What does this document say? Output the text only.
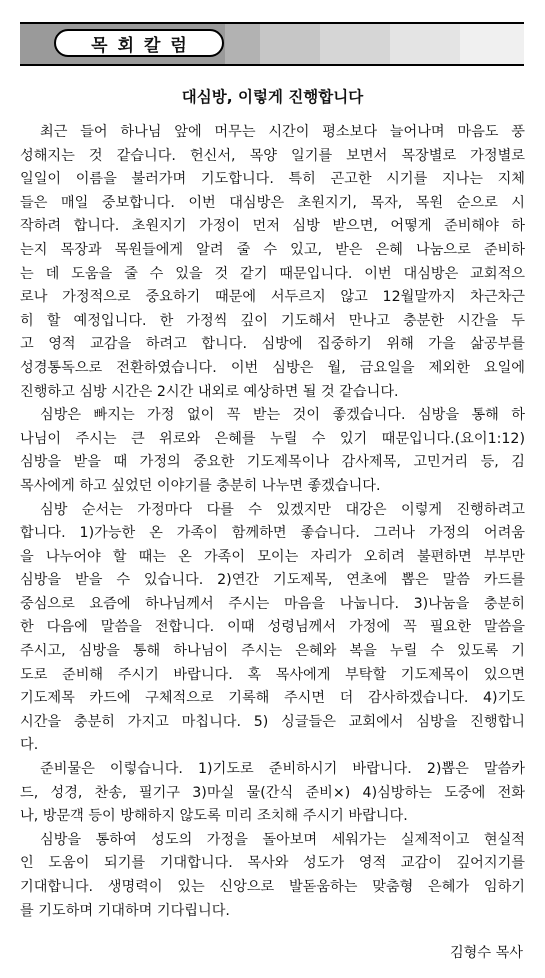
목회칼럼
대심방, 이렇게 진행합니다
최근 들어 하나님 앞에 머무는 시간이 평소보다 늘어나며 마음도 풍
성해지는 것 같습니다. 헌신서, 목양 일기를 보면서 목장별로 가정별로
일일이 이름을 불러가며 기도합니다. 특히 곤고한 시기를 지나는 지체
들은 매일 중보합니다. 이번 대심방은 초원지기, 목자, 목원 순으로 시
작하려 합니다. 초원지기 가정이 먼저 심방 받으면, 어떻게 준비해야 하
는지 목장과 목원들에게 알려 줄 수 있고, 받은 은혜 나눔으로 준비하
는 데 도움을 줄 수 있을 것 같기 때문입니다. 이번 대심방은 교회적으
로나 가정적으로 중요하기 때문에 서두르지 않고 12월말까지 차근차근
히 할 예정입니다. 한 가정씩 깊이 기도해서 만나고 충분한 시간을 두
고 영적 교감을 하려고 합니다. 심방에 집중하기 위해 가을 삶공부를
성경통독으로 전환하였습니다. 이번 심방은 월, 금요일을 제외한 요일에
진행하고 심방 시간은 2시간 내외로 예상하면 될 것 같습니다.
심방은 빠지는 가정 없이 꼭 받는 것이 좋겠습니다. 심방을 통해 하
나님이 주시는 큰 위로와 은혜를 누릴 수 있기 때문입니다.(요이1:12)
심방을 받을 때 가정의 중요한 기도제목이나 감사제목, 고민거리 등, 김
목사에게 하고 싶었던 이야기를 충분히 나누면 좋겠습니다.
심방 순서는 가정마다 다를 수 있겠지만 대강은 이렇게 진행하려고
합니다. 1)가능한 온 가족이 함께하면 좋습니다. 그러나 가정의 어려움
을 나누어야 할 때는 온 가족이 모이는 자리가 오히려 불편하면 부부만
심방을 받을 수 있습니다. 2)연간 기도제목, 연초에 뽑은 말씀 카드를
중심으로 요즘에 하나님께서 주시는 마음을 나눕니다. 3)나눔을 충분히
한 다음에 말씀을 전합니다. 이때 성령님께서 가정에 꼭 필요한 말씀을
주시고, 심방을 통해 하나님이 주시는 은혜와 복을 누릴 수 있도록 기
도로 준비해 주시기 바랍니다. 혹 목사에게 부탁할 기도제목이 있으면
기도제목 카드에 구체적으로 기록해 주시면 더 감사하겠습니다. 4)기도
시간을 충분히 가지고 마칩니다. 5) 싱글들은 교회에서 심방을 진행합니
다.
준비물은 이렇습니다. 1)기도로 준비하시기 바랍니다. 2)뽑은 말씀카
드, 성경, 찬송, 필기구 3)마실 물(간식 준비×) 4)심방하는 도중에 전화
나, 방문객 등이 방해하지 않도록 미리 조치해 주시기 바랍니다.
심방을 통하여 성도의 가정을 돌아보며 세워가는 실제적이고 현실적
인 도움이 되기를 기대합니다. 목사와 성도가 영적 교감이 깊어지기를
기대합니다. 생명력이 있는 신앙으로 발돋움하는 맞춤형 은혜가 임하기
를 기도하며 기대하며 기다립니다.
김형수 목사
